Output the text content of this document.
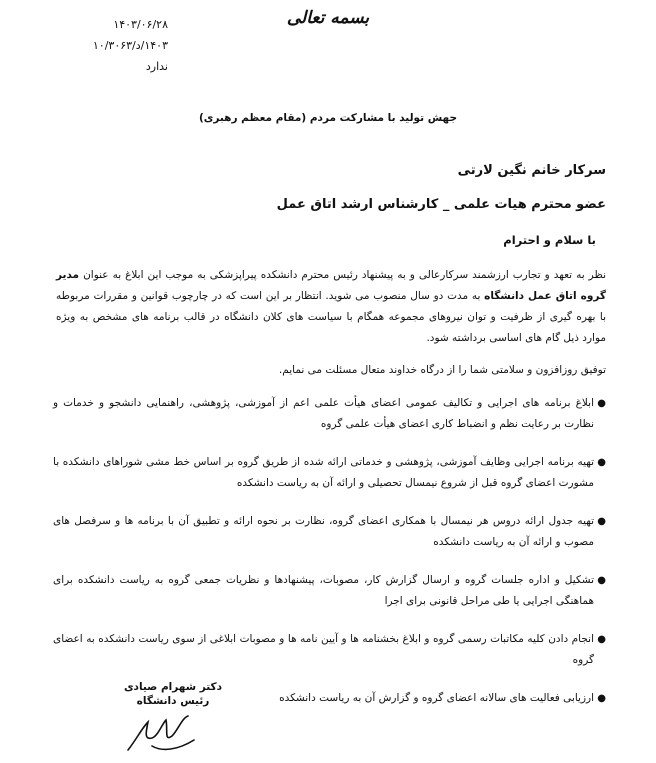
۱۴۰۳/۰۶/۲۸
۱۴۰۳/د/۱۰/۳۰۶۳
ندارد
بسمه تعالی
جهش تولید با مشارکت مردم (مقام معظم رهبری)
سرکار خانم نگین لارتی
عضو محترم هیات علمی _ کارشناس ارشد اتاق عمل
با سلام و احترام
نظر به تعهد و تجارب ارزشمند سرکارعالی و به پیشنهاد رئیس محترم دانشکده پیراپزشکی به موجب این ابلاغ به عنوان مدیر گروه اتاق عمل دانشگاه به مدت دو سال منصوب می شوید. انتظار بر این است که در چارچوب قوانین و مقررات مربوطه با بهره گیری از ظرفیت و توان نیروهای مجموعه همگام با سیاست های کلان دانشگاه در قالب برنامه های مشخص به ویژه موارد ذیل گام های اساسی برداشته شود.
توفیق روزافزون و سلامتی شما را از درگاه خداوند متعال مسئلت می نمایم.
●
ابلاغ برنامه های اجرایی و تکالیف عمومی اعضای هیأت علمی اعم از آموزشی، پژوهشی، راهنمایی دانشجو و خدمات و نظارت بر رعایت نظم و انضباط کاری اعضای هیأت علمی گروه
●
تهیه برنامه اجرایی وظایف آموزشی، پژوهشی و خدماتی ارائه شده از طریق گروه بر اساس خط مشی شوراهای دانشکده با مشورت اعضای گروه قبل از شروع نیمسال تحصیلی و ارائه آن به ریاست دانشکده
●
تهیه جدول ارائه دروس هر نیمسال با همکاری اعضای گروه، نظارت بر نحوه ارائه و تطبیق آن با برنامه ها و سرفصل های مصوب و ارائه آن به ریاست دانشکده
●
تشکیل و اداره جلسات گروه و ارسال گزارش کار، مصوبات، پیشنهادها و نظریات جمعی گروه به ریاست دانشکده برای هماهنگی اجرایی یا طی مراحل قانونی برای اجرا
●
انجام دادن کلیه مکاتبات رسمی گروه و ابلاغ بخشنامه ها و آیین نامه ها و مصوبات ابلاغی از سوی ریاست دانشکده به اعضای گروه
●
ارزیابی فعالیت های سالانه اعضای گروه و گزارش آن به ریاست دانشکده
دکتر شهرام صیادی
رئیس دانشگاه
